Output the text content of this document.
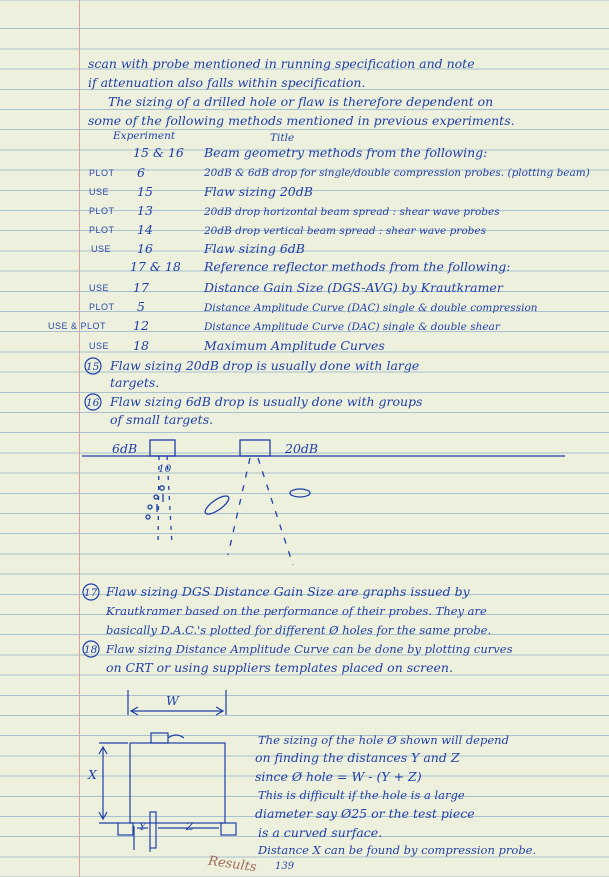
scan with probe mentioned in running specification and note
if attenuation also falls within specification.
The sizing of a drilled hole or flaw is therefore dependent on
some of the following methods mentioned in previous experiments.
Experiment	Title
15 & 16 Beam geometry methods from the following:
PLOT 6	20dB & 6dB drop for single/double compression probes. (plotting beam)
USE 15	Flaw sizing 20dB
PLOT 13	20dB drop horizontal beam spread : shear wave probes
PLOT 14	20dB drop vertical beam spread : shear wave probes
USE 16	Flaw sizing 6dB
17 & 18 Reference reflector methods from the following:
USE 17	Distance Gain Size (DGS-AVG) by Krautkramer
PLOT 5	Distance Amplitude Curve (DAC) single & double compression
USE & PLOT 12	Distance Amplitude Curve (DAC) single & double shear
USE 18	Maximum Amplitude Curves
15 Flaw sizing 20dB drop is usually done with large
targets.
16 Flaw sizing 6dB drop is usually done with groups
of small targets.
6dB	20dB
10
17 Flaw sizing DGS Distance Gain Size are graphs issued by
Krautkramer based on the performance of their probes. They are
basically D.A.C.'s plotted for different Ø holes for the same probe.
18 Flaw sizing Distance Amplitude Curve can be done by plotting curves
on CRT or using suppliers templates placed on screen.
W
X
Y	Z
The sizing of the hole Ø shown will depend
on finding the distances Y and Z
since Ø hole = W - (Y + Z)
This is difficult if the hole is a large
diameter say Ø25 or the test piece
is a curved surface.
Distance X can be found by compression probe.
Results 139
